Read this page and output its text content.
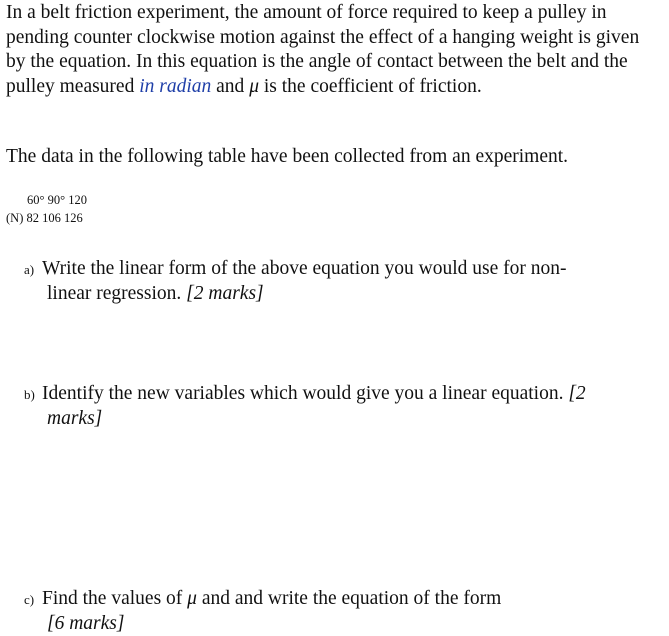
In a belt friction experiment, the amount of force required to keep a pulley in pending counter clockwise motion against the effect of a hanging weight is given by the equation. In this equation is the angle of contact between the belt and the pulley measured in radian and μ is the coefficient of friction.
The data in the following table have been collected from an experiment.
60° 90° 120
(N) 82 106 126
a) Write the linear form of the above equation you would use for non-
linear regression. [2 marks]
b) Identify the new variables which would give you a linear equation. [2
marks]
c) Find the values of μ and and write the equation of the form
[6 marks]
